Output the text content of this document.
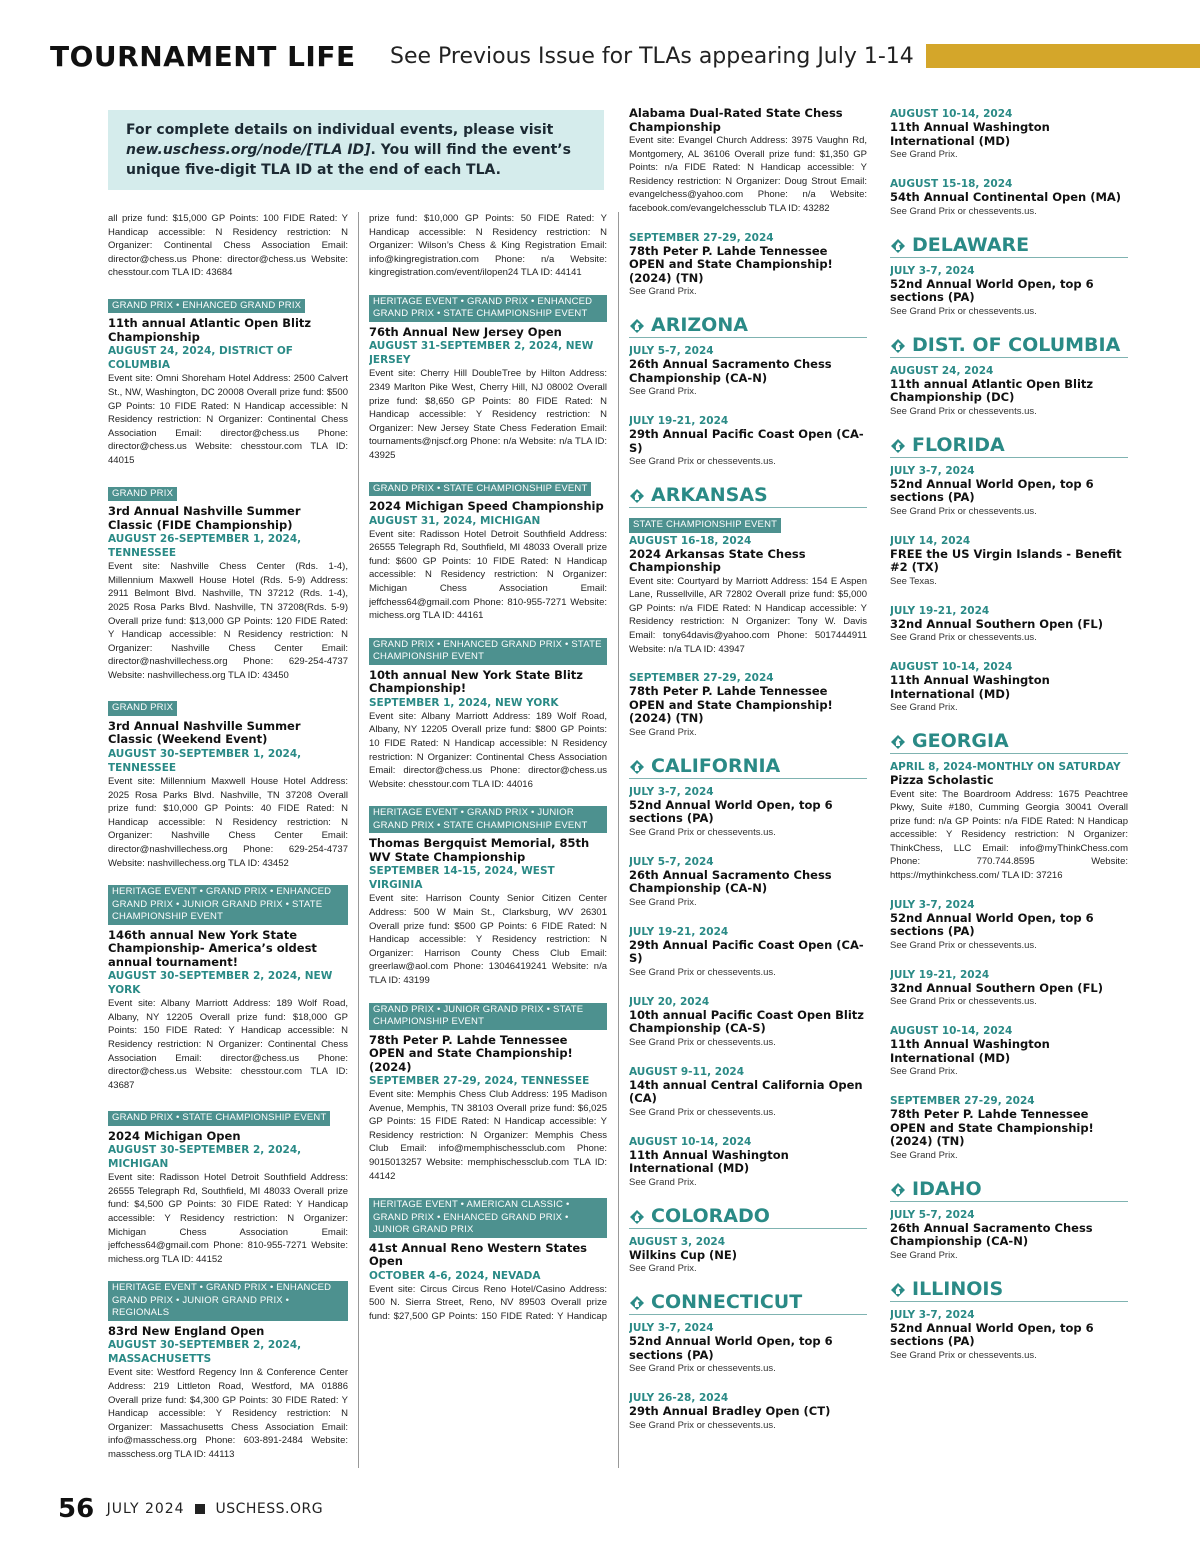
TOURNAMENT LIFE See Previous Issue for TLAs appearing July 1-14
For complete details on individual events, please visit
new.uschess.org/node/[TLA ID]. You will find the event’s unique five-digit TLA ID at the end of each TLA.
all prize fund: $15,000 GP Points: 100 FIDE Rated: Y Handicap accessible: N Residency restriction: N Organizer: Continental Chess Association Email: director@chess.us Phone: director@chess.us Website: chesstour.com TLA ID: 43684
GRAND PRIX • ENHANCED GRAND PRIX
11th annual Atlantic Open Blitz Championship
AUGUST 24, 2024, DISTRICT OF COLUMBIA
Event site: Omni Shoreham Hotel Address: 2500 Calvert St., NW, Washington, DC 20008 Overall prize fund: $500 GP Points: 10 FIDE Rated: N Handicap accessible: N Residency restriction: N Organizer: Continental Chess Association Email: director@chess.us Phone: director@chess.us Website: chesstour.com TLA ID: 44015
GRAND PRIX
3rd Annual Nashville Summer Classic (FIDE Championship)
AUGUST 26-SEPTEMBER 1, 2024, TENNESSEE
Event site: Nashville Chess Center (Rds. 1-4), Millennium Maxwell House Hotel (Rds. 5-9) Address: 2911 Belmont Blvd. Nashville, TN 37212 (Rds. 1-4), 2025 Rosa Parks Blvd. Nashville, TN 37208(Rds. 5-9) Overall prize fund: $13,000 GP Points: 120 FIDE Rated: Y Handicap accessible: N Residency restriction: N Organizer: Nashville Chess Center Email: director@nashvillechess.org Phone: 629-254-4737 Website: nashvillechess.org TLA ID: 43450
GRAND PRIX
3rd Annual Nashville Summer Classic (Weekend Event)
AUGUST 30-SEPTEMBER 1, 2024, TENNESSEE
Event site: Millennium Maxwell House Hotel Address: 2025 Rosa Parks Blvd. Nashville, TN 37208 Overall prize fund: $10,000 GP Points: 40 FIDE Rated: N Handicap accessible: N Residency restriction: N Organizer: Nashville Chess Center Email: director@nashvillechess.org Phone: 629-254-4737 Website: nashvillechess.org TLA ID: 43452
HERITAGE EVENT • GRAND PRIX • ENHANCED GRAND PRIX • JUNIOR GRAND PRIX • STATE CHAMPIONSHIP EVENT
146th annual New York State Championship- America’s oldest annual tournament!
AUGUST 30-SEPTEMBER 2, 2024, NEW YORK
Event site: Albany Marriott Address: 189 Wolf Road, Albany, NY 12205 Overall prize fund: $18,000 GP Points: 150 FIDE Rated: Y Handicap accessible: N Residency restriction: N Organizer: Continental Chess Association Email: director@chess.us Phone: director@chess.us Website: chesstour.com TLA ID: 43687
GRAND PRIX • STATE CHAMPIONSHIP EVENT
2024 Michigan Open
AUGUST 30-SEPTEMBER 2, 2024, MICHIGAN
Event site: Radisson Hotel Detroit Southfield Address: 26555 Telegraph Rd, Southfield, MI 48033 Overall prize fund: $4,500 GP Points: 30 FIDE Rated: Y Handicap accessible: Y Residency restriction: N Organizer: Michigan Chess Association Email: jeffchess64@gmail.com Phone: 810-955-7271 Website: michess.org TLA ID: 44152
HERITAGE EVENT • GRAND PRIX • ENHANCED GRAND PRIX • JUNIOR GRAND PRIX • REGIONALS
83rd New England Open
AUGUST 30-SEPTEMBER 2, 2024, MASSACHUSETTS
Event site: Westford Regency Inn & Conference Center Address: 219 Littleton Road, Westford, MA 01886 Overall prize fund: $4,300 GP Points: 30 FIDE Rated: Y Handicap accessible: Y Residency restriction: N Organizer: Massachusetts Chess Association Email: info@masschess.org Phone: 603-891-2484 Website: masschess.org TLA ID: 44113
prize fund: $10,000 GP Points: 50 FIDE Rated: Y Handicap accessible: N Residency restriction: N Organizer: Wilson’s Chess & King Registration Email: info@kingregistration.com Phone: n/a Website: kingregistration.com/event/ilopen24 TLA ID: 44141
HERITAGE EVENT • GRAND PRIX • ENHANCED GRAND PRIX • STATE CHAMPIONSHIP EVENT
76th Annual New Jersey Open
AUGUST 31-SEPTEMBER 2, 2024, NEW JERSEY
Event site: Cherry Hill DoubleTree by Hilton Address: 2349 Marlton Pike West, Cherry Hill, NJ 08002 Overall prize fund: $8,650 GP Points: 80 FIDE Rated: N Handicap accessible: Y Residency restriction: N Organizer: New Jersey State Chess Federation Email: tournaments@njscf.org Phone: n/a Website: n/a TLA ID: 43925
GRAND PRIX • STATE CHAMPIONSHIP EVENT
2024 Michigan Speed Championship
AUGUST 31, 2024, MICHIGAN
Event site: Radisson Hotel Detroit Southfield Address: 26555 Telegraph Rd, Southfield, MI 48033 Overall prize fund: $600 GP Points: 10 FIDE Rated: N Handicap accessible: N Residency restriction: N Organizer: Michigan Chess Association Email: jeffchess64@gmail.com Phone: 810-955-7271 Website: michess.org TLA ID: 44161
GRAND PRIX • ENHANCED GRAND PRIX • STATE CHAMPIONSHIP EVENT
10th annual New York State Blitz Championship!
SEPTEMBER 1, 2024, NEW YORK
Event site: Albany Marriott Address: 189 Wolf Road, Albany, NY 12205 Overall prize fund: $800 GP Points: 10 FIDE Rated: N Handicap accessible: N Residency restriction: N Organizer: Continental Chess Association Email: director@chess.us Phone: director@chess.us Website: chesstour.com TLA ID: 44016
HERITAGE EVENT • GRAND PRIX • JUNIOR GRAND PRIX • STATE CHAMPIONSHIP EVENT
Thomas Bergquist Memorial, 85th WV State Championship
SEPTEMBER 14-15, 2024, WEST VIRGINIA
Event site: Harrison County Senior Citizen Center Address: 500 W Main St., Clarksburg, WV 26301 Overall prize fund: $500 GP Points: 6 FIDE Rated: N Handicap accessible: Y Residency restriction: N Organizer: Harrison County Chess Club Email: greerlaw@aol.com Phone: 13046419241 Website: n/a TLA ID: 43199
GRAND PRIX • JUNIOR GRAND PRIX • STATE CHAMPIONSHIP EVENT
78th Peter P. Lahde Tennessee OPEN and State Championship! (2024)
SEPTEMBER 27-29, 2024, TENNESSEE
Event site: Memphis Chess Club Address: 195 Madison Avenue, Memphis, TN 38103 Overall prize fund: $6,025 GP Points: 15 FIDE Rated: N Handicap accessible: Y Residency restriction: N Organizer: Memphis Chess Club Email: info@memphischessclub.com Phone: 9015013257 Website: memphischessclub.com TLA ID: 44142
HERITAGE EVENT • AMERICAN CLASSIC • GRAND PRIX • ENHANCED GRAND PRIX • JUNIOR GRAND PRIX
41st Annual Reno Western States Open
OCTOBER 4-6, 2024, NEVADA
Event site: Circus Circus Reno Hotel/Casino Address: 500 N. Sierra Street, Reno, NV 89503 Overall prize fund: $27,500 GP Points: 150 FIDE Rated: Y Handicap
Alabama Dual-Rated State Chess Championship
Event site: Evangel Church Address: 3975 Vaughn Rd, Montgomery, AL 36106 Overall prize fund: $1,350 GP Points: n/a FIDE Rated: N Handicap accessible: Y Residency restriction: N Organizer: Doug Strout Email: evangelchess@yahoo.com Phone: n/a Website: facebook.com/evangelchessclub TLA ID: 43282
SEPTEMBER 27-29, 2024
78th Peter P. Lahde Tennessee OPEN and State Championship! (2024) (TN)
See Grand Prix.
ARIZONA
JULY 5-7, 2024
26th Annual Sacramento Chess Championship (CA-N)
See Grand Prix.
JULY 19-21, 2024
29th Annual Pacific Coast Open (CA-S)
See Grand Prix or chessevents.us.
ARKANSAS
STATE CHAMPIONSHIP EVENT
AUGUST 16-18, 2024
2024 Arkansas State Chess Championship
Event site: Courtyard by Marriott Address: 154 E Aspen Lane, Russellville, AR 72802 Overall prize fund: $5,000 GP Points: n/a FIDE Rated: N Handicap accessible: Y Residency restriction: N Organizer: Tony W. Davis Email: tony64davis@yahoo.com Phone: 5017444911 Website: n/a TLA ID: 43947
SEPTEMBER 27-29, 2024
78th Peter P. Lahde Tennessee OPEN and State Championship! (2024) (TN)
See Grand Prix.
CALIFORNIA
JULY 3-7, 2024
52nd Annual World Open, top 6 sections (PA)
See Grand Prix or chessevents.us.
JULY 5-7, 2024
26th Annual Sacramento Chess Championship (CA-N)
See Grand Prix.
JULY 19-21, 2024
29th Annual Pacific Coast Open (CA-S)
See Grand Prix or chessevents.us.
JULY 20, 2024
10th annual Pacific Coast Open Blitz Championship (CA-S)
See Grand Prix or chessevents.us.
AUGUST 9-11, 2024
14th annual Central California Open (CA)
See Grand Prix or chessevents.us.
AUGUST 10-14, 2024
11th Annual Washington International (MD)
See Grand Prix.
COLORADO
AUGUST 3, 2024
Wilkins Cup (NE)
See Grand Prix.
CONNECTICUT
JULY 3-7, 2024
52nd Annual World Open, top 6 sections (PA)
See Grand Prix or chessevents.us.
JULY 26-28, 2024
29th Annual Bradley Open (CT)
See Grand Prix or chessevents.us.
AUGUST 10-14, 2024
11th Annual Washington International (MD)
See Grand Prix.
AUGUST 15-18, 2024
54th Annual Continental Open (MA)
See Grand Prix or chessevents.us.
DELAWARE
JULY 3-7, 2024
52nd Annual World Open, top 6 sections (PA)
See Grand Prix or chessevents.us.
DIST. OF COLUMBIA
AUGUST 24, 2024
11th annual Atlantic Open Blitz Championship (DC)
See Grand Prix or chessevents.us.
FLORIDA
JULY 3-7, 2024
52nd Annual World Open, top 6 sections (PA)
See Grand Prix or chessevents.us.
JULY 14, 2024
FREE the US Virgin Islands - Benefit #2 (TX)
See Texas.
JULY 19-21, 2024
32nd Annual Southern Open (FL)
See Grand Prix or chessevents.us.
AUGUST 10-14, 2024
11th Annual Washington International (MD)
See Grand Prix.
GEORGIA
APRIL 8, 2024-MONTHLY ON SATURDAY
Pizza Scholastic
Event site: The Boardroom Address: 1675 Peachtree Pkwy, Suite #180, Cumming Georgia 30041 Overall prize fund: n/a GP Points: n/a FIDE Rated: N Handicap accessible: Y Residency restriction: N Organizer: ThinkChess, LLC Email: info@myThinkChess.com Phone: 770.744.8595 Website: https://mythinkchess.com/ TLA ID: 37216
JULY 3-7, 2024
52nd Annual World Open, top 6 sections (PA)
See Grand Prix or chessevents.us.
JULY 19-21, 2024
32nd Annual Southern Open (FL)
See Grand Prix or chessevents.us.
AUGUST 10-14, 2024
11th Annual Washington International (MD)
See Grand Prix.
SEPTEMBER 27-29, 2024
78th Peter P. Lahde Tennessee OPEN and State Championship! (2024) (TN)
See Grand Prix.
IDAHO
JULY 5-7, 2024
26th Annual Sacramento Chess Championship (CA-N)
See Grand Prix.
ILLINOIS
JULY 3-7, 2024
52nd Annual World Open, top 6 sections (PA)
See Grand Prix or chessevents.us.
56 JULY 2024 USCHESS.ORG
